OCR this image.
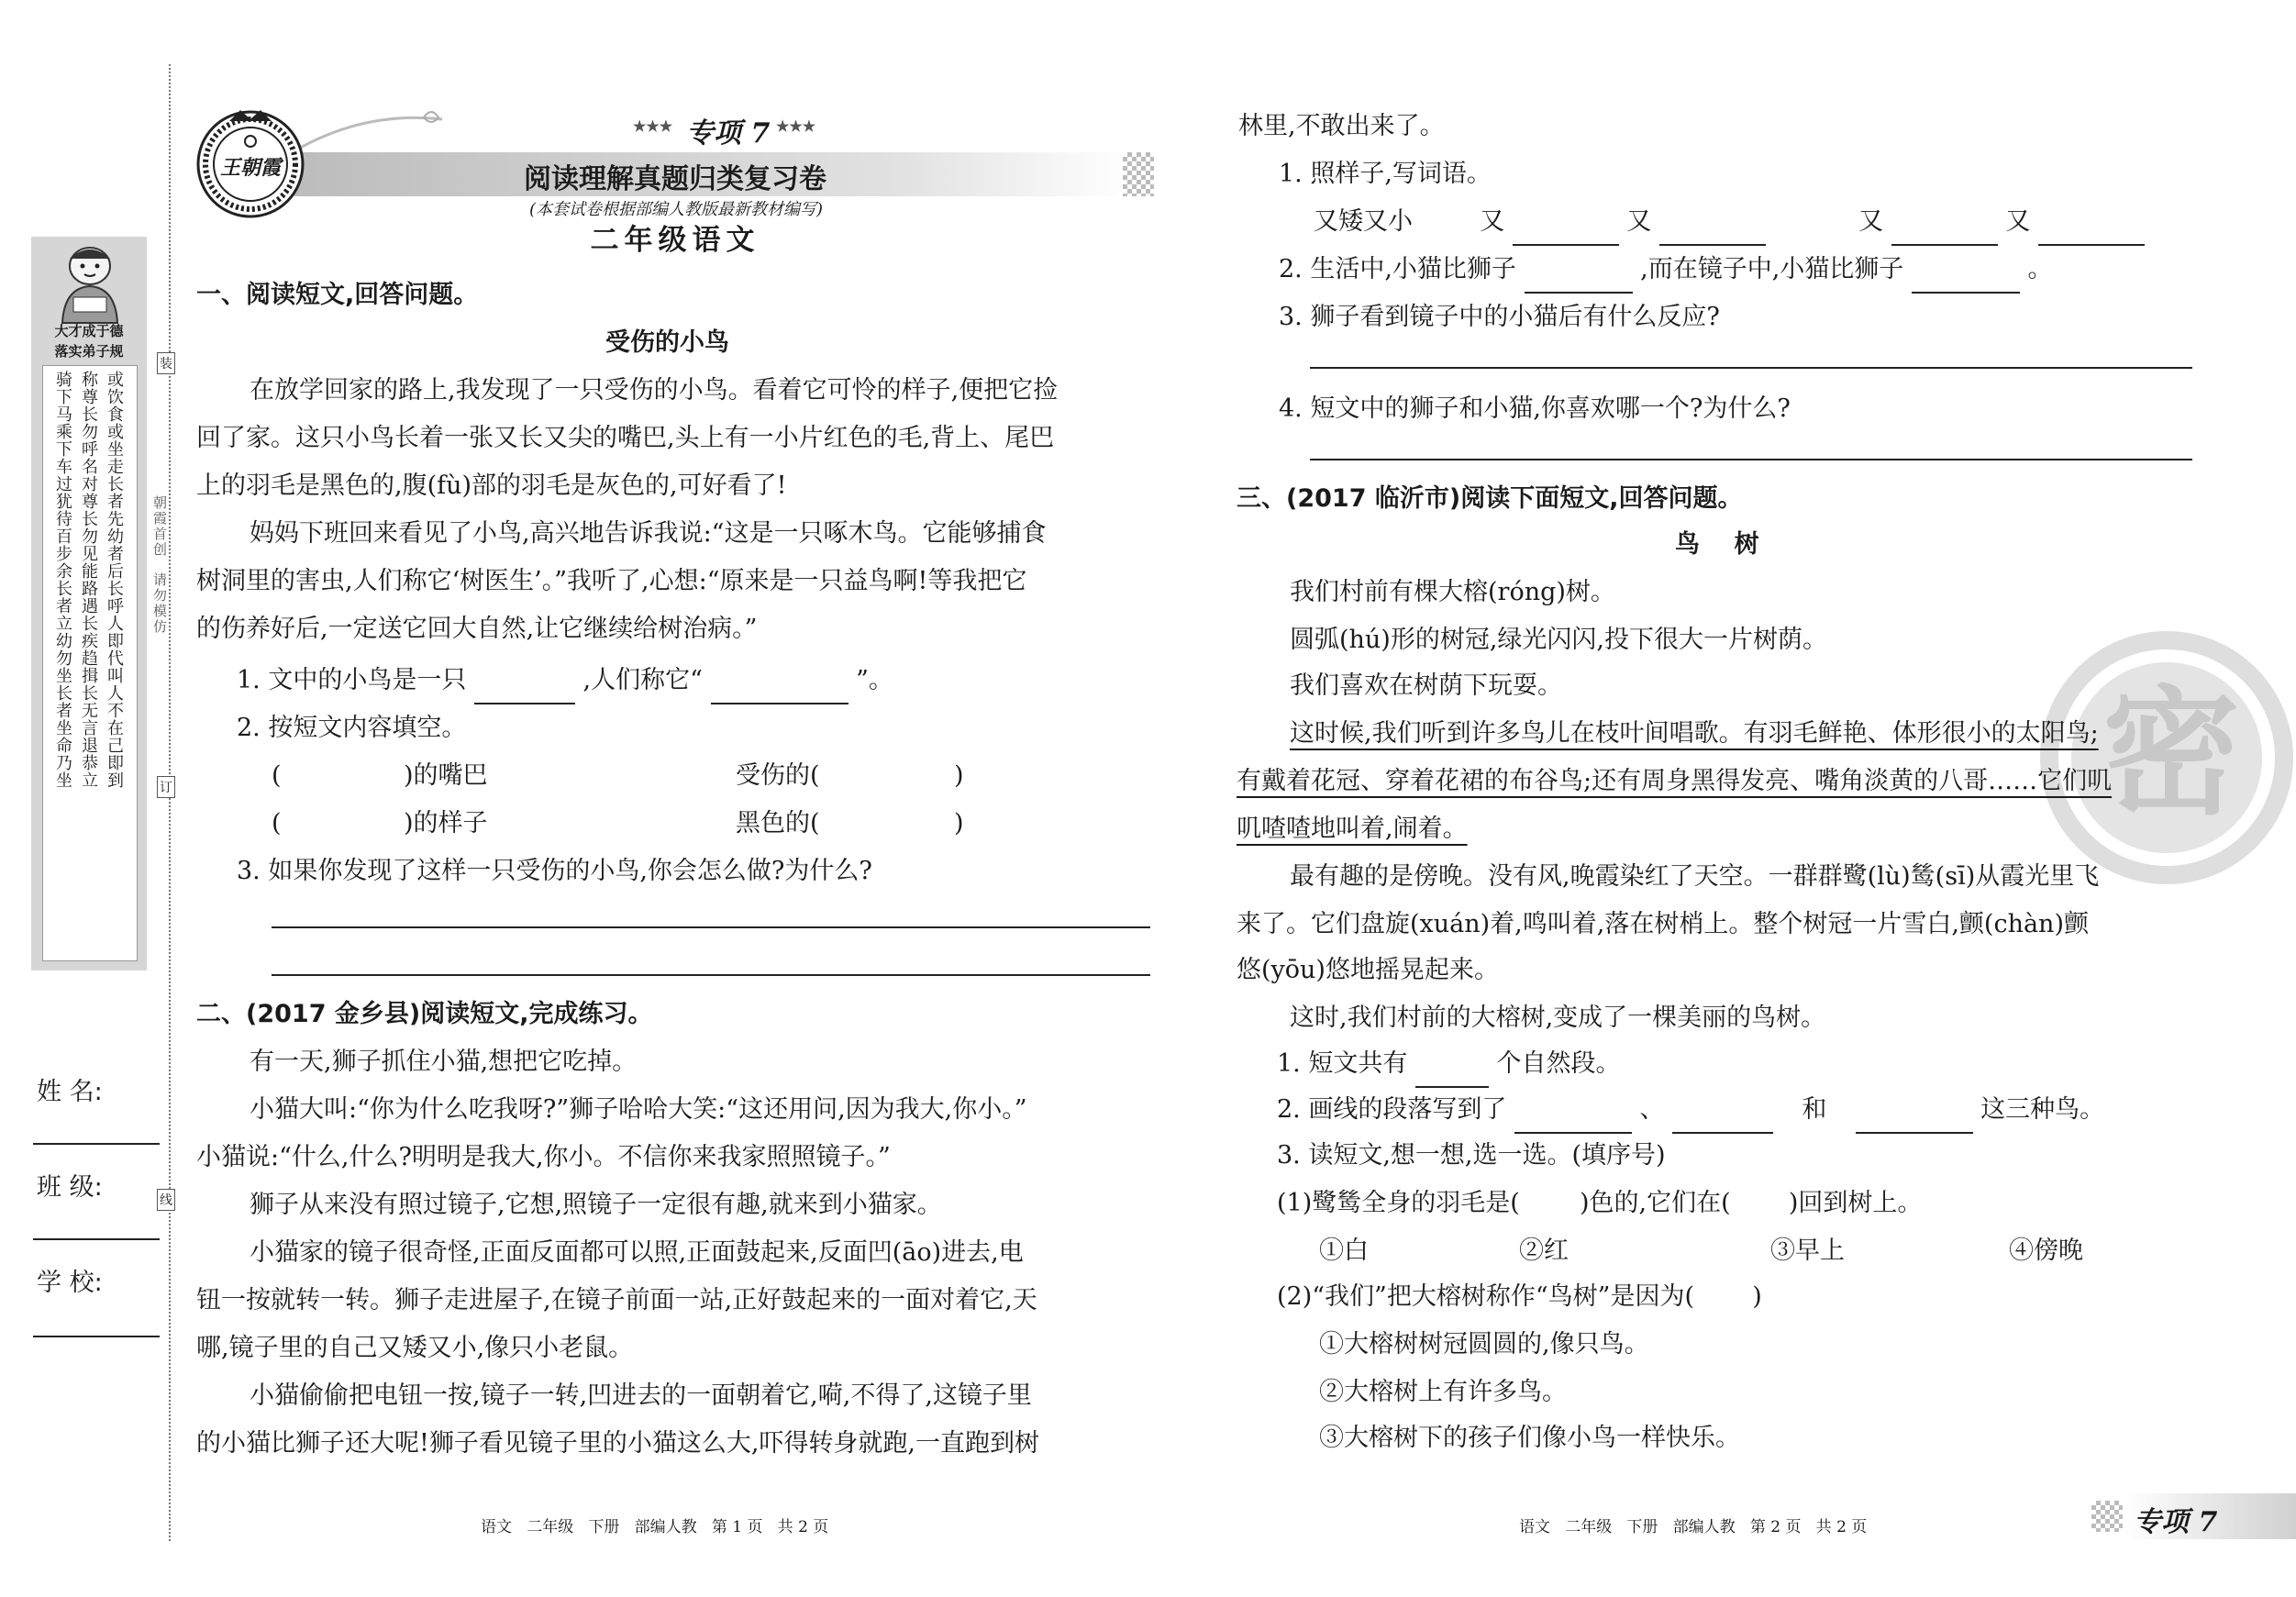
大才成于德
落实弟子规
骑下马乘下车过犹待百步余长者立幼勿坐长者坐命乃坐 称尊长勿呼名对尊长勿见能路遇长疾趋揖长无言退恭立 或饮食或坐走长者先幼者后长呼人即代叫人不在己即到 朝霞首创
请勿模仿
装
订
线
姓 名:
班 级:
学 校:
王朝霞
★★★ 专项 7 ★★★
阅读理解真题归类复习卷
(本套试卷根据部编人教版最新教材编写)
二年级语文
一、阅读短文,回答问题。
受伤的小鸟
在放学回家的路上,我发现了一只受伤的小鸟。看着它可怜的样子,便把它捡
回了家。这只小鸟长着一张又长又尖的嘴巴,头上有一小片红色的毛,背上、尾巴
上的羽毛是黑色的,腹(fù)部的羽毛是灰色的,可好看了!
妈妈下班回来看见了小鸟,高兴地告诉我说:“这是一只啄木鸟。它能够捕食
树洞里的害虫,人们称它‘树医生’。”我听了,心想:“原来是一只益鸟啊!等我把它
的伤养好后,一定送它回大自然,让它继续给树治病。”
1. 文中的小鸟是一只	,人们称它“	”。
2. 按短文内容填空。
(	)的嘴巴	受伤的(	)
(	)的样子	黑色的(	)
3. 如果你发现了这样一只受伤的小鸟,你会怎么做?为什么?
二、(2017 金乡县)阅读短文,完成练习。
有一天,狮子抓住小猫,想把它吃掉。
小猫大叫:“你为什么吃我呀?”狮子哈哈大笑:“这还用问,因为我大,你小。”
小猫说:“什么,什么?明明是我大,你小。不信你来我家照照镜子。”
狮子从来没有照过镜子,它想,照镜子一定很有趣,就来到小猫家。
小猫家的镜子很奇怪,正面反面都可以照,正面鼓起来,反面凹(āo)进去,电
钮一按就转一转。狮子走进屋子,在镜子前面一站,正好鼓起来的一面对着它,天
哪,镜子里的自己又矮又小,像只小老鼠。
小猫偷偷把电钮一按,镜子一转,凹进去的一面朝着它,嗬,不得了,这镜子里
的小猫比狮子还大呢!狮子看见镜子里的小猫这么大,吓得转身就跑,一直跑到树
语文   二年级   下册   部编人教   第 1 页   共 2 页
密
林里,不敢出来了。
1. 照样子,写词语。
又矮又小	又	又	又	又
2. 生活中,小猫比狮子	,而在镜子中,小猫比狮子	。
3. 狮子看到镜子中的小猫后有什么反应?
4. 短文中的狮子和小猫,你喜欢哪一个?为什么?
三、(2017 临沂市)阅读下面短文,回答问题。
鸟    树
我们村前有棵大榕(róng)树。
圆弧(hú)形的树冠,绿光闪闪,投下很大一片树荫。
我们喜欢在树荫下玩耍。
这时候,我们听到许多鸟儿在枝叶间唱歌。有羽毛鲜艳、体形很小的太阳鸟;
有戴着花冠、穿着花裙的布谷鸟;还有周身黑得发亮、嘴角淡黄的八哥……它们叽
叽喳喳地叫着,闹着。
最有趣的是傍晚。没有风,晚霞染红了天空。一群群鹭(lù)鸶(sī)从霞光里飞
来了。它们盘旋(xuán)着,鸣叫着,落在树梢上。整个树冠一片雪白,颤(chàn)颤
悠(yōu)悠地摇晃起来。
这时,我们村前的大榕树,变成了一棵美丽的鸟树。
1. 短文共有	个自然段。
2. 画线的段落写到了	、	和	这三种鸟。
3. 读短文,想一想,选一选。(填序号)
(1)鹭鸶全身的羽毛是( )色的,它们在( )回到树上。
①白	②红	③早上	④傍晚
(2)“我们”把大榕树称作“鸟树”是因为( )
①大榕树树冠圆圆的,像只鸟。
②大榕树上有许多鸟。
③大榕树下的孩子们像小鸟一样快乐。
语文   二年级   下册   部编人教   第 2 页   共 2 页	专项 7
